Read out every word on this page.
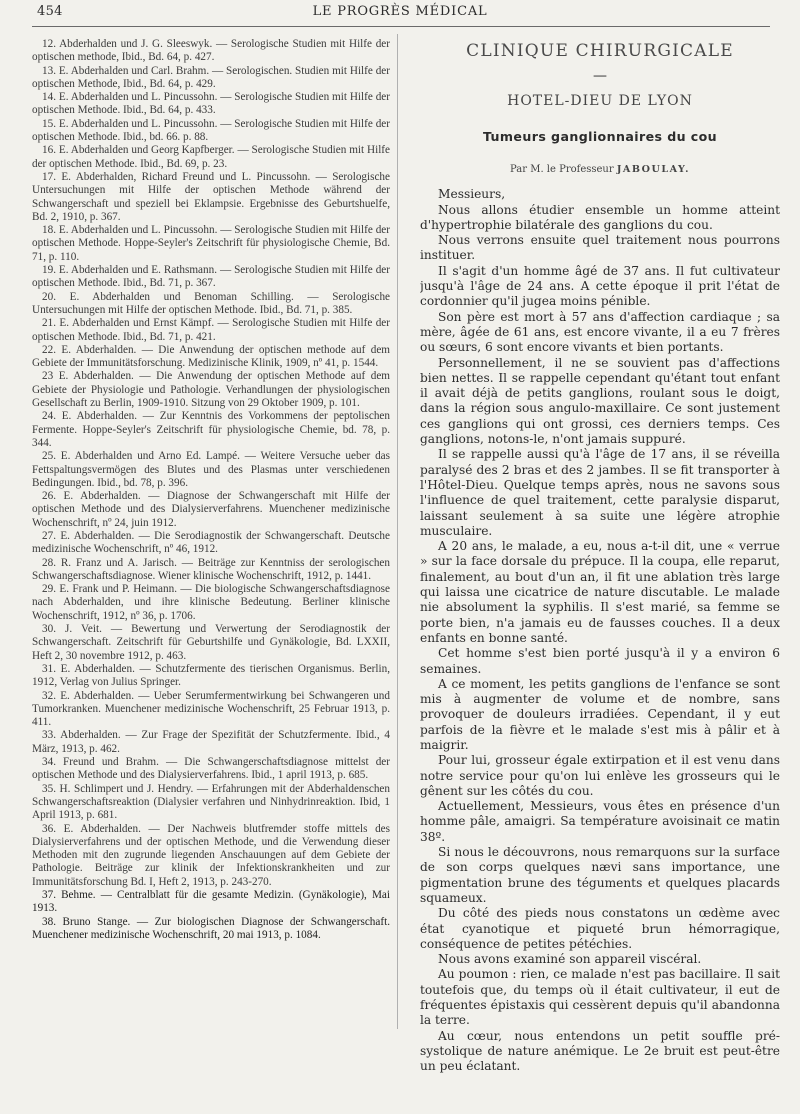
454	LE PROGRÈS MÉDICAL

12. Abderhalden und J. G. Sleeswyk. — Serologische Studien mit Hilfe der optischen methode, Ibid., Bd. 64, p. 427.

13. E. Abderhalden und Carl. Brahm. — Serologischen. Studien mit Hilfe der optischen Methode, Ibid., Bd. 64, p. 429.

14. E. Abderhalden und L. Pincussohn. — Serologische Studien mit Hilfe der optischen Methode. Ibid., Bd. 64, p. 433.

15. E. Abderhalden und L. Pincussohn. — Serologische Studien mit Hilfe der optischen Methode. Ibid., bd. 66. p. 88.

16. E. Abderhalden und Georg Kapfberger. — Serologische Studien mit Hilfe der optischen Methode. Ibid., Bd. 69, p. 23.

17. E. Abderhalden, Richard Freund und L. Pincussohn. — Serologische Untersuchungen mit Hilfe der optischen Methode während der Schwangerschaft und speziell bei Eklampsie. Ergebnisse des Geburtshuelfe, Bd. 2, 1910, p. 367.

18. E. Abderhalden und L. Pincussohn. — Serologische Studien mit Hilfe der optischen Methode. Hoppe-Seyler's Zeitschrift für physiologische Chemie, Bd. 71, p. 110.

19. E. Abderhalden und E. Rathsmann. — Serologische Studien mit Hilfe der optischen Methode. Ibid., Bd. 71, p. 367.

20. E. Abderhalden und Benoman Schilling. — Serologische Untersuchungen mit Hilfe der optischen Methode. Ibid., Bd. 71, p. 385.

21. E. Abderhalden und Ernst Kämpf. — Serologische Studien mit Hilfe der optischen Methode. Ibid., Bd. 71, p. 421.

22. E. Abderhalden. — Die Anwendung der optischen methode auf dem Gebiete der Immunitätsforschung. Medizinische Klinik, 1909, nº 41, p. 1544.

23 E. Abderhalden. — Die Anwendung der optischen Methode auf dem Gebiete der Physiologie und Pathologie. Verhandlungen der physiologischen Gesellschaft zu Berlin, 1909-1910. Sitzung von 29 Oktober 1909, p. 101.

24. E. Abderhalden. — Zur Kenntnis des Vorkommens der peptolischen Fermente. Hoppe-Seyler's Zeitschrift für physiologische Chemie, bd. 78, p. 344.

25. E. Abderhalden und Arno Ed. Lampé. — Weitere Versuche ueber das Fettspaltungsvermögen des Blutes und des Plasmas unter verschiedenen Bedingungen. Ibid., bd. 78, p. 396.

26. E. Abderhalden. — Diagnose der Schwangerschaft mit Hilfe der optischen Methode und des Dialysierverfahrens. Muenchener medizinische Wochenschrift, nº 24, juin 1912.

27. E. Abderhalden. — Die Serodiagnostik der Schwangerschaft. Deutsche medizinische Wochenschrift, nº 46, 1912.

28. R. Franz und A. Jarisch. — Beiträge zur Kenntniss der serologischen Schwangerschaftsdiagnose. Wiener klinische Wochenschrift, 1912, p. 1441.

29. E. Frank und P. Heimann. — Die biologische Schwangerschaftsdiagnose nach Abderhalden, und ihre klinische Bedeutung. Berliner klinische Wochenschrift, 1912, nº 36, p. 1706.

30. J. Veit. — Bewertung und Verwertung der Serodiagnostik der Schwangerschaft. Zeitschrift für Geburtshilfe und Gynäkologie, Bd. LXXII, Heft 2, 30 novembre 1912, p. 463.

31. E. Abderhalden. — Schutzfermente des tierischen Organismus. Berlin, 1912, Verlag von Julius Springer.

32. E. Abderhalden. — Ueber Serumfermentwirkung bei Schwangeren und Tumorkranken. Muenchener medizinische Wochenschrift, 25 Februar 1913, p. 411.

33. Abderhalden. — Zur Frage der Spezifität der Schutzfermente. Ibid., 4 März, 1913, p. 462.

34. Freund und Brahm. — Die Schwangerschaftsdiagnose mittelst der optischen Methode und des Dialysierverfahrens. Ibid., 1 april 1913, p. 685.

35. H. Schlimpert und J. Hendry. — Erfahrungen mit der Abderhaldenschen Schwangerschaftsreaktion (Dialysier verfahren und Ninhydrinreaktion. Ibid, 1 April 1913, p. 681.

36. E. Abderhalden. — Der Nachweis blutfremder stoffe mittels des Dialysierverfahrens und der optischen Methode, und die Verwendung dieser Methoden mit den zugrunde liegenden Anschauungen auf dem Gebiete der Pathologie. Beiträge zur klinik der Infektionskrankheiten und zur Immunitätsforschung Bd. I, Heft 2, 1913, p. 243-270.

37. Behme. — Centralblatt für die gesamte Medizin. (Gynäkologie), Mai 1913.

38. Bruno Stange. — Zur biologischen Diagnose der Schwangerschaft. Muenchener medizinische Wochenschrift, 20 mai 1913, p. 1084.

CLINIQUE CHIRURGICALE

—

HOTEL-DIEU DE LYON

Tumeurs ganglionnaires du cou

Par M. le Professeur JABOULAY.

Messieurs,

Nous allons étudier ensemble un homme atteint d'hypertrophie bilatérale des ganglions du cou.

Nous verrons ensuite quel traitement nous pourrons instituer.

Il s'agit d'un homme âgé de 37 ans. Il fut cultivateur jusqu'à l'âge de 24 ans. A cette époque il prit l'état de cordonnier qu'il jugea moins pénible.

Son père est mort à 57 ans d'affection cardiaque ; sa mère, âgée de 61 ans, est encore vivante, il a eu 7 frères ou sœurs, 6 sont encore vivants et bien portants.

Personnellement, il ne se souvient pas d'affections bien nettes. Il se rappelle cependant qu'étant tout enfant il avait déjà de petits ganglions, roulant sous le doigt, dans la région sous angulo-maxillaire. Ce sont justement ces ganglions qui ont grossi, ces derniers temps. Ces ganglions, notons-le, n'ont jamais suppuré.

Il se rappelle aussi qu'à l'âge de 17 ans, il se réveilla paralysé des 2 bras et des 2 jambes. Il se fit transporter à l'Hôtel-Dieu. Quelque temps après, nous ne savons sous l'influence de quel traitement, cette paralysie disparut, laissant seulement à sa suite une légère atrophie musculaire.

A 20 ans, le malade, a eu, nous a-t-il dit, une « verrue » sur la face dorsale du prépuce. Il la coupa, elle reparut, finalement, au bout d'un an, il fit une ablation très large qui laissa une cicatrice de nature discutable. Le malade nie absolument la syphilis. Il s'est marié, sa femme se porte bien, n'a jamais eu de fausses couches. Il a deux enfants en bonne santé.

Cet homme s'est bien porté jusqu'à il y a environ 6 semaines.

A ce moment, les petits ganglions de l'enfance se sont mis à augmenter de volume et de nombre, sans provoquer de douleurs irradiées. Cependant, il y eut parfois de la fièvre et le malade s'est mis à pâlir et à maigrir.

Pour lui, grosseur égale extirpation et il est venu dans notre service pour qu'on lui enlève les grosseurs qui le gênent sur les côtés du cou.

Actuellement, Messieurs, vous êtes en présence d'un homme pâle, amaigri. Sa température avoisinait ce matin 38º.

Si nous le découvrons, nous remarquons sur la surface de son corps quelques nævi sans importance, une pigmentation brune des téguments et quelques placards squameux.

Du côté des pieds nous constatons un œdème avec état cyanotique et piqueté brun hémorragique, conséquence de petites pétéchies.

Nous avons examiné son appareil viscéral.

Au poumon : rien, ce malade n'est pas bacillaire. Il sait toutefois que, du temps où il était cultivateur, il eut de fréquentes épistaxis qui cessèrent depuis qu'il abandonna la terre.

Au cœur, nous entendons un petit souffle pré-systolique de nature anémique. Le 2e bruit est peut-être un peu éclatant.
